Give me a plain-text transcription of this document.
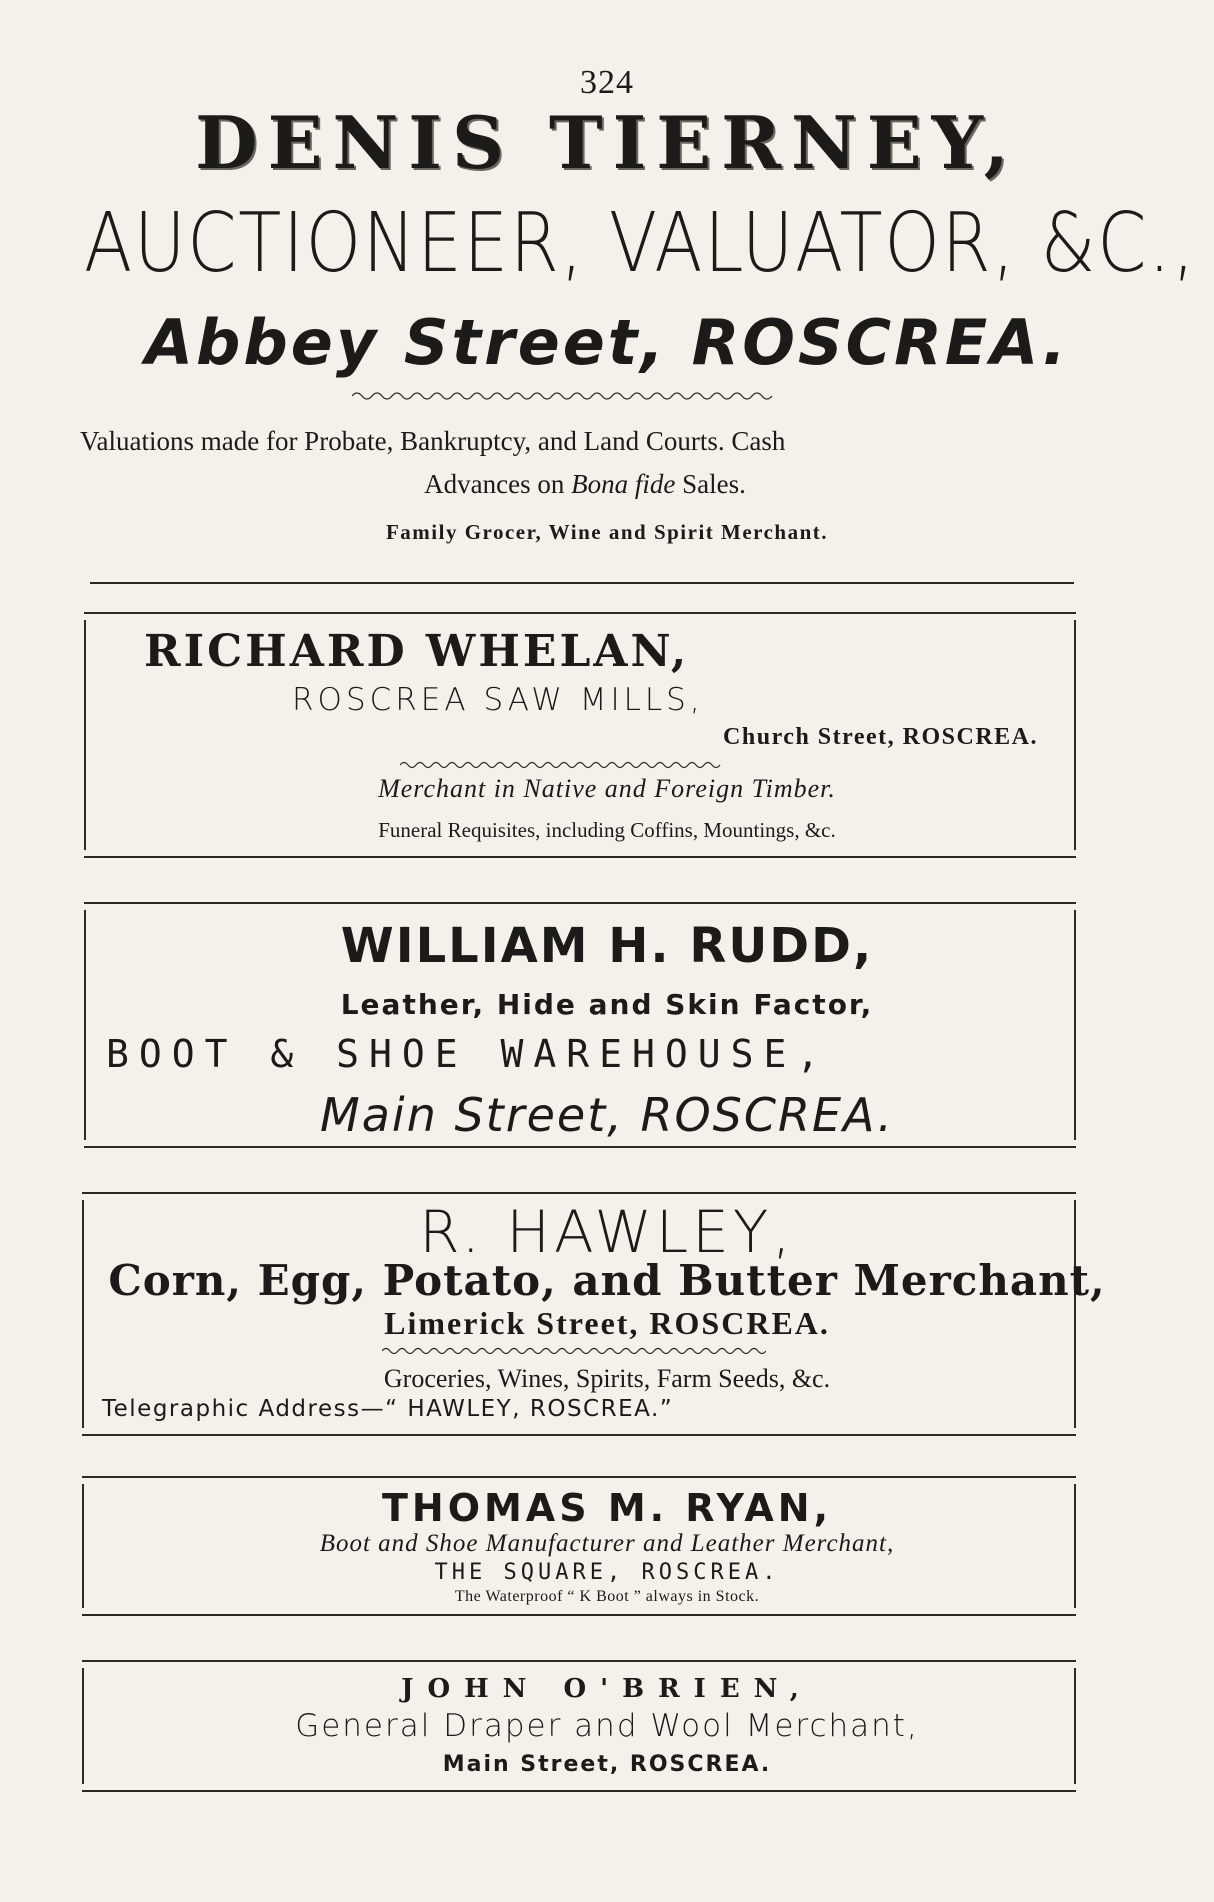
324
DENIS TIERNEY,
AUCTIONEER, VALUATOR, &C.,
Abbey Street, ROSCREA.
Valuations made for Probate, Bankruptcy, and Land Courts. Cash
Advances on Bona fide Sales.
Family Grocer, Wine and Spirit Merchant.
RICHARD WHELAN,
ROSCREA SAW MILLS,
Church Street, ROSCREA.
Merchant in Native and Foreign Timber.
Funeral Requisites, including Coffins, Mountings, &c.
WILLIAM H. RUDD,
Leather, Hide and Skin Factor,
BOOT & SHOE WAREHOUSE,
Main Street, ROSCREA.
R. HAWLEY,
Corn, Egg, Potato, and Butter Merchant,
Limerick Street, ROSCREA.
Groceries, Wines, Spirits, Farm Seeds, &c.
Telegraphic Address—“ HAWLEY, ROSCREA.”
THOMAS M. RYAN,
Boot and Shoe Manufacturer and Leather Merchant,
THE SQUARE, ROSCREA.
The Waterproof “ K Boot ” always in Stock.
JOHN O'BRIEN,
General Draper and Wool Merchant,
Main Street, ROSCREA.
